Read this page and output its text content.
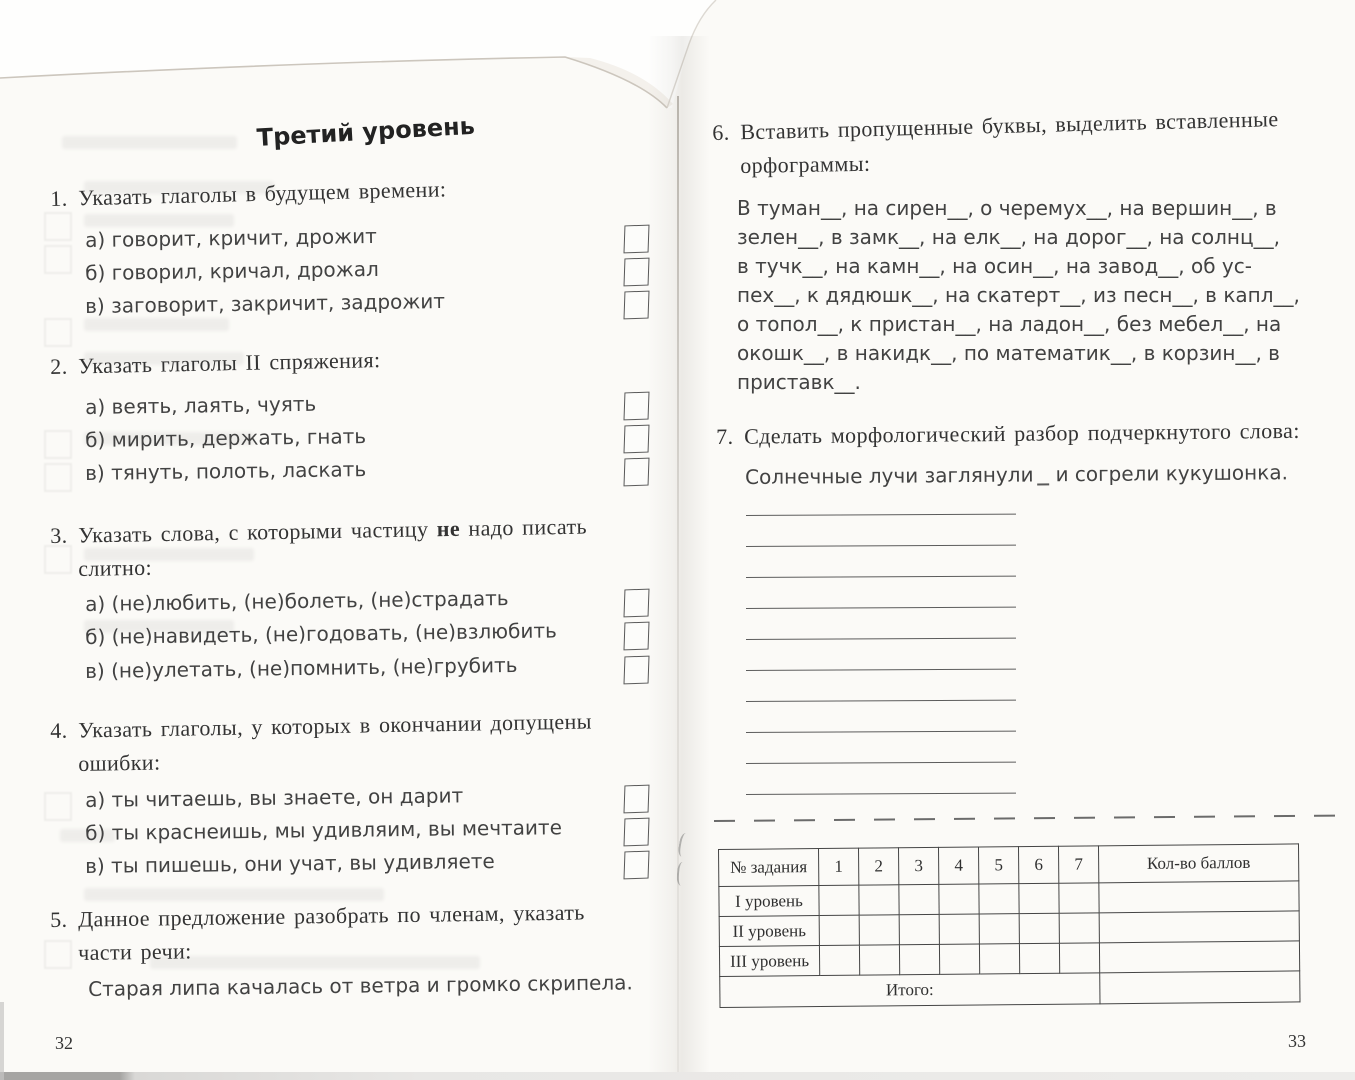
Третий уровень
1. Указать глаголы в будущем времени:
а) говорит, кричит, дрожит
б) говорил, кричал, дрожал
в) заговорит, закричит, задрожит
2. Указать глаголы II спряжения:
а) веять, лаять, чуять
б) мирить, держать, гнать
в) тянуть, полоть, ласкать
3. Указать слова, с которыми частицу не надо писать
слитно:
а) (не)любить, (не)болеть, (не)страдать
б) (не)навидеть, (не)годовать, (не)взлюбить
в) (не)улетать, (не)помнить, (не)грубить
4. Указать глаголы, у которых в окончании допущены
ошибки:
а) ты читаешь, вы знаете, он дарит
б) ты краснеишь, мы удивляим, вы мечтаите
в) ты пишешь, они учат, вы удивляете
5. Данное предложение разобрать по членам, указать
части речи:
Старая липа качалась от ветра и громко скрипела.
32
6. Вставить пропущенные буквы, выделить вставленные
орфограммы:
В туман__, на сирен__, о черемух__, на вершин__, в
зелен__, в замк__, на елк__, на дорог__, на солнц__,
в тучк__, на камн__, на осин__, на завод__, об ус-
пех__, к дядюшк__, на скатерт__, из песн__, в капл__,
о топол__, к пристан__, на ладон__, без мебел__, на
окошк__, в накидк__, по математик__, в корзин__, в
приставк__.
7. Сделать морфологический разбор подчеркнутого слова:
Солнечные лучи заглянули и согрели кукушонка.
№ задания	1	2	3	4	5	6	7	Кол-во баллов
I уровень								
II уровень								
III уровень								
Итого:								
33
